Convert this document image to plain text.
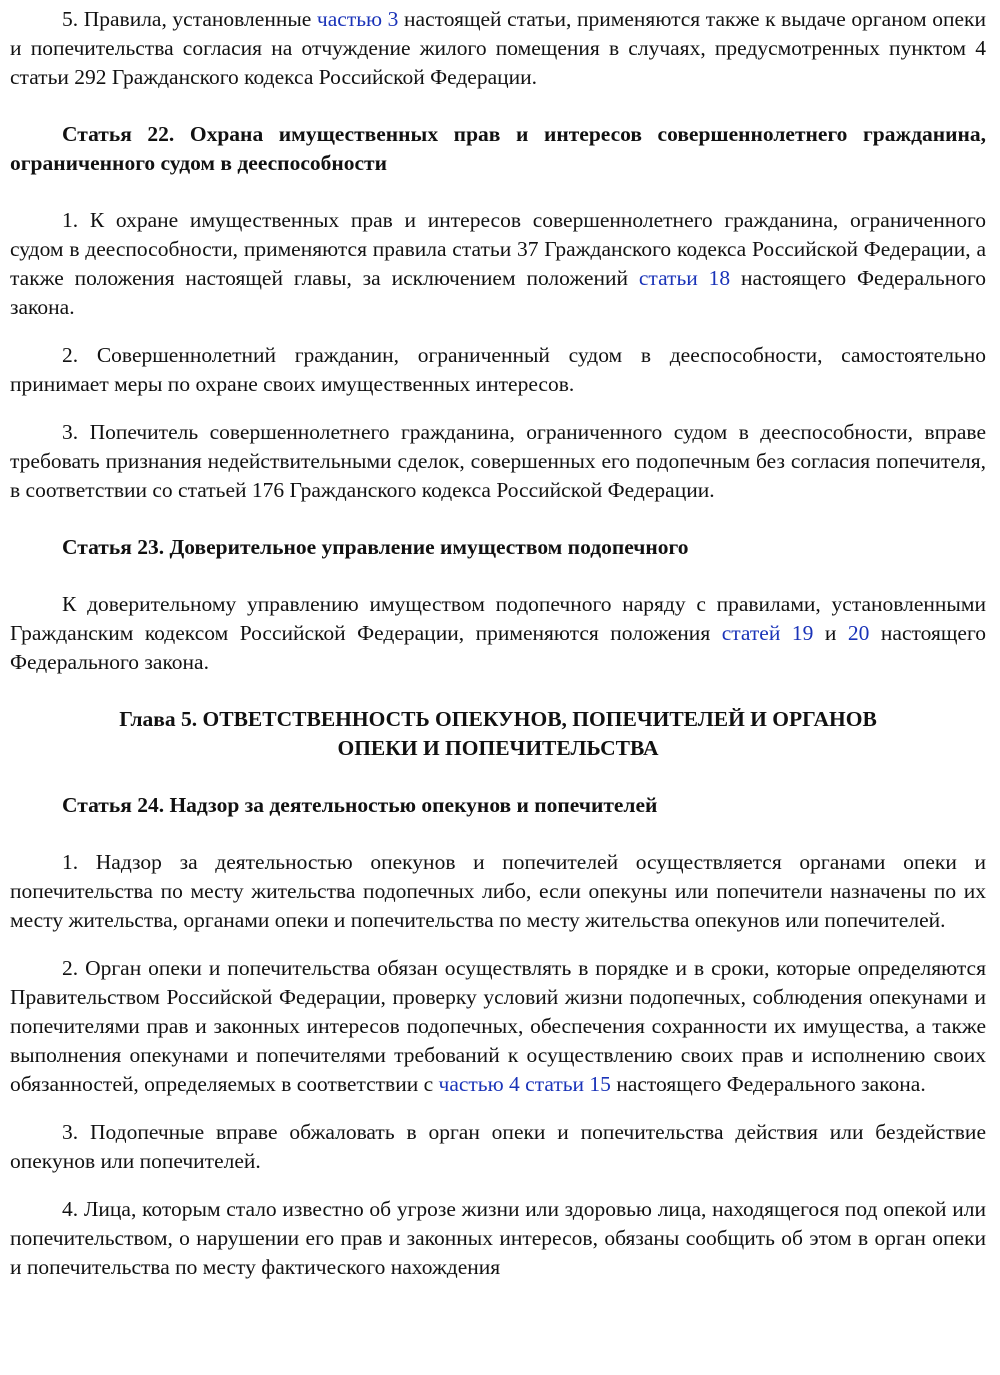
5. Правила, установленные частью 3 настоящей статьи, применяются также к выдаче органом опеки и попечительства согласия на отчуждение жилого помещения в случаях, предусмотренных пунктом 4 статьи 292 Гражданского кодекса Российской Федерации.

Статья 22. Охрана имущественных прав и интересов совершеннолетнего гражданина, ограниченного судом в дееспособности

1. К охране имущественных прав и интересов совершеннолетнего гражданина, ограниченного судом в дееспособности, применяются правила статьи 37 Гражданского кодекса Российской Федерации, а также положения настоящей главы, за исключением положений статьи 18 настоящего Федерального закона.

2. Совершеннолетний гражданин, ограниченный судом в дееспособности, самостоятельно принимает меры по охране своих имущественных интересов.

3. Попечитель совершеннолетнего гражданина, ограниченного судом в дееспособности, вправе требовать признания недействительными сделок, совершенных его подопечным без согласия попечителя, в соответствии со статьей 176 Гражданского кодекса Российской Федерации.

Статья 23. Доверительное управление имуществом подопечного

К доверительному управлению имуществом подопечного наряду с правилами, установленными Гражданским кодексом Российской Федерации, применяются положения статей 19 и 20 настоящего Федерального закона.

Глава 5. ОТВЕТСТВЕННОСТЬ ОПЕКУНОВ, ПОПЕЧИТЕЛЕЙ И ОРГАНОВ
ОПЕКИ И ПОПЕЧИТЕЛЬСТВА

Статья 24. Надзор за деятельностью опекунов и попечителей

1. Надзор за деятельностью опекунов и попечителей осуществляется органами опеки и попечительства по месту жительства подопечных либо, если опекуны или попечители назначены по их месту жительства, органами опеки и попечительства по месту жительства опекунов или попечителей.

2. Орган опеки и попечительства обязан осуществлять в порядке и в сроки, которые определяются Правительством Российской Федерации, проверку условий жизни подопечных, соблюдения опекунами и попечителями прав и законных интересов подопечных, обеспечения сохранности их имущества, а также выполнения опекунами и попечителями требований к осуществлению своих прав и исполнению своих обязанностей, определяемых в соответствии с частью 4 статьи 15 настоящего Федерального закона.

3. Подопечные вправе обжаловать в орган опеки и попечительства действия или бездействие опекунов или попечителей.

4. Лица, которым стало известно об угрозе жизни или здоровью лица, находящегося под опекой или попечительством, о нарушении его прав и законных интересов, обязаны сообщить об этом в орган опеки и попечительства по месту фактического нахождения
